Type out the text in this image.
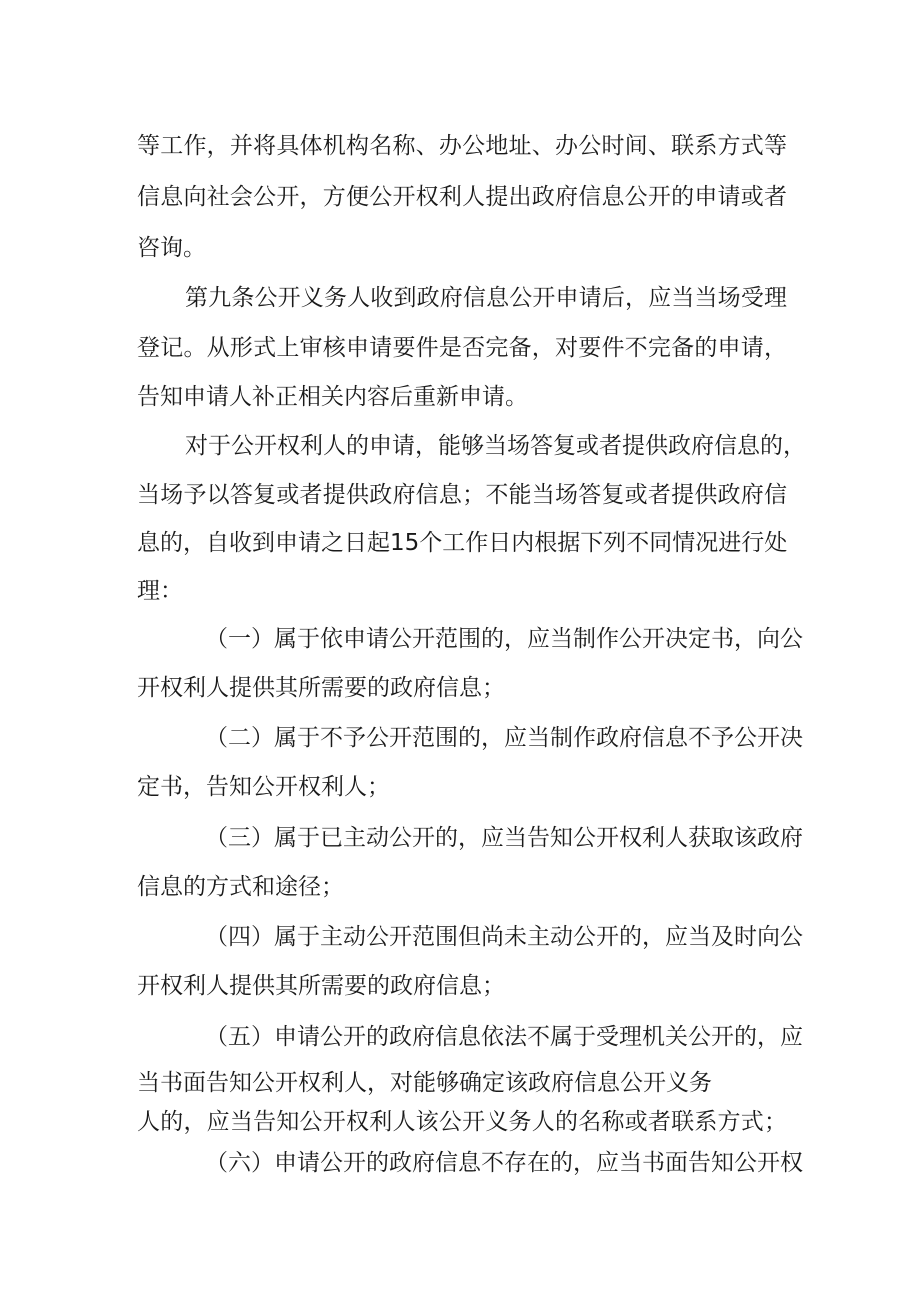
等工作，并将具体机构名称、办公地址、办公时间、联系方式等
信息向社会公开，方便公开权利人提出政府信息公开的申请或者
咨询。
第九条公开义务人收到政府信息公开申请后，应当当场受理
登记。从形式上审核申请要件是否完备，对要件不完备的申请，
告知申请人补正相关内容后重新申请。
对于公开权利人的申请，能够当场答复或者提供政府信息的，
当场予以答复或者提供政府信息；不能当场答复或者提供政府信
息的，自收到申请之日起15个工作日内根据下列不同情况进行处
理：
（一）属于依申请公开范围的，应当制作公开决定书，向公
开权利人提供其所需要的政府信息；
（二）属于不予公开范围的，应当制作政府信息不予公开决
定书，告知公开权利人；
（三）属于已主动公开的，应当告知公开权利人获取该政府
信息的方式和途径；
（四）属于主动公开范围但尚未主动公开的，应当及时向公
开权利人提供其所需要的政府信息；
（五）申请公开的政府信息依法不属于受理机关公开的，应
当书面告知公开权利人，对能够确定该政府信息公开义务
人的，应当告知公开权利人该公开义务人的名称或者联系方式；
（六）申请公开的政府信息不存在的，应当书面告知公开权
